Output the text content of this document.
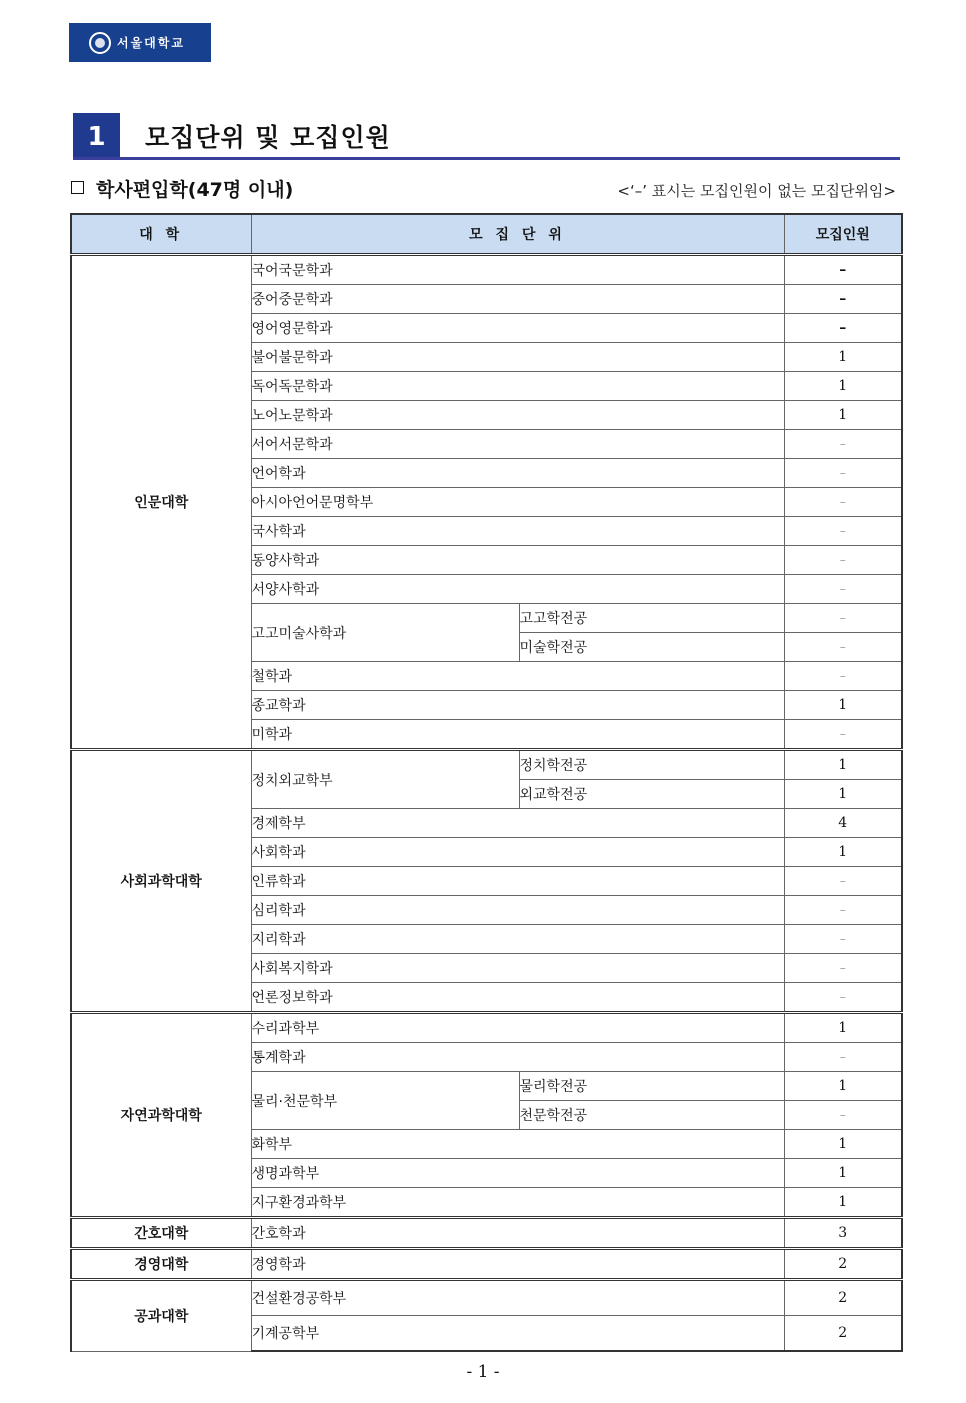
서울대학교
1	모집단위 및 모집인원
학사편입학(47명 이내)	<‘–’ 표시는 모집인원이 없는 모집단위임>
대 학	모 집 단 위		모집인원
인문대학	국어국문학과		–
	중어중문학과		–
	영어영문학과		–
	불어불문학과		1
	독어독문학과		1
	노어노문학과		1
	서어서문학과		–
	언어학과		–
	아시아언어문명학부		–
	국사학과		–
	동양사학과		–
	서양사학과		–
	고고미술사학과	고고학전공	–
		미술학전공	–
	철학과		–
	종교학과		1
	미학과		–
사회과학대학	정치외교학부	정치학전공	1
		외교학전공	1
	경제학부		4
	사회학과		1
	인류학과		–
	심리학과		–
	지리학과		–
	사회복지학과		–
	언론정보학과		–
자연과학대학	수리과학부		1
	통계학과		–
	물리·천문학부	물리학전공	1
		천문학전공	–
	화학부		1
	생명과학부		1
	지구환경과학부		1
간호대학	간호학과		3
경영대학	경영학과		2
공과대학	건설환경공학부		2
	기계공학부		2
- 1 -
